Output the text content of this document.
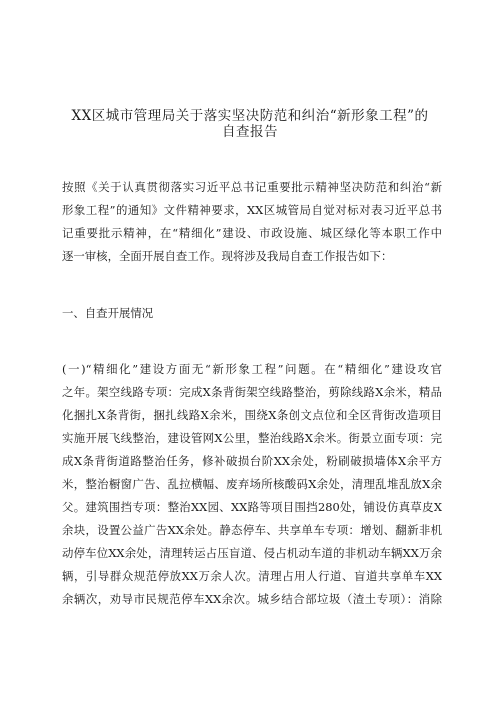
XX区城市管理局关于落实坚决防范和纠治“新形象工程”的
自查报告
按照《关于认真贯彻落实习近平总书记重要批示精神坚决防范和纠治“新
形象工程”的通知》文件精神要求，XX区城管局自觉对标对表习近平总书
记重要批示精神，在“精细化”建设、市政设施、城区绿化等本职工作中
逐一审核，全面开展自查工作。现将涉及我局自查工作报告如下：
一、自查开展情况
(一)“精细化”建设方面无“新形象工程”问题。在“精细化”建设攻官
之年。架空线路专项：完成X条背街架空线路整治，剪除线路X余米，精品
化捆扎X条背街，捆扎线路X余米，围绕X条创文点位和全区背街改造项目
实施开展飞线整治，建设管网X公里，整治线路X余米。街景立面专项：完
成X条背街道路整治任务，修补破损台阶XX余处，粉刷破损墙体X余平方
米，整治橱窗广告、乱拉横幅、废弃场所核酸码X余处，清理乱堆乱放X余
父。建筑围挡专项：整治XX园、XX路等项目围挡280处，铺设仿真草皮X
余块，设置公益广告XX余处。静态停车、共享单车专项：增划、翻新非机
动停车位XX余处，清理转运占压盲道、侵占机动车道的非机动车辆XX万余
辆，引导群众规范停放XX万余人次。清理占用人行道、盲道共享单车XX
余辆次，劝导市民规范停车XX余次。城乡结合部垃圾（渣土专项）：消除
